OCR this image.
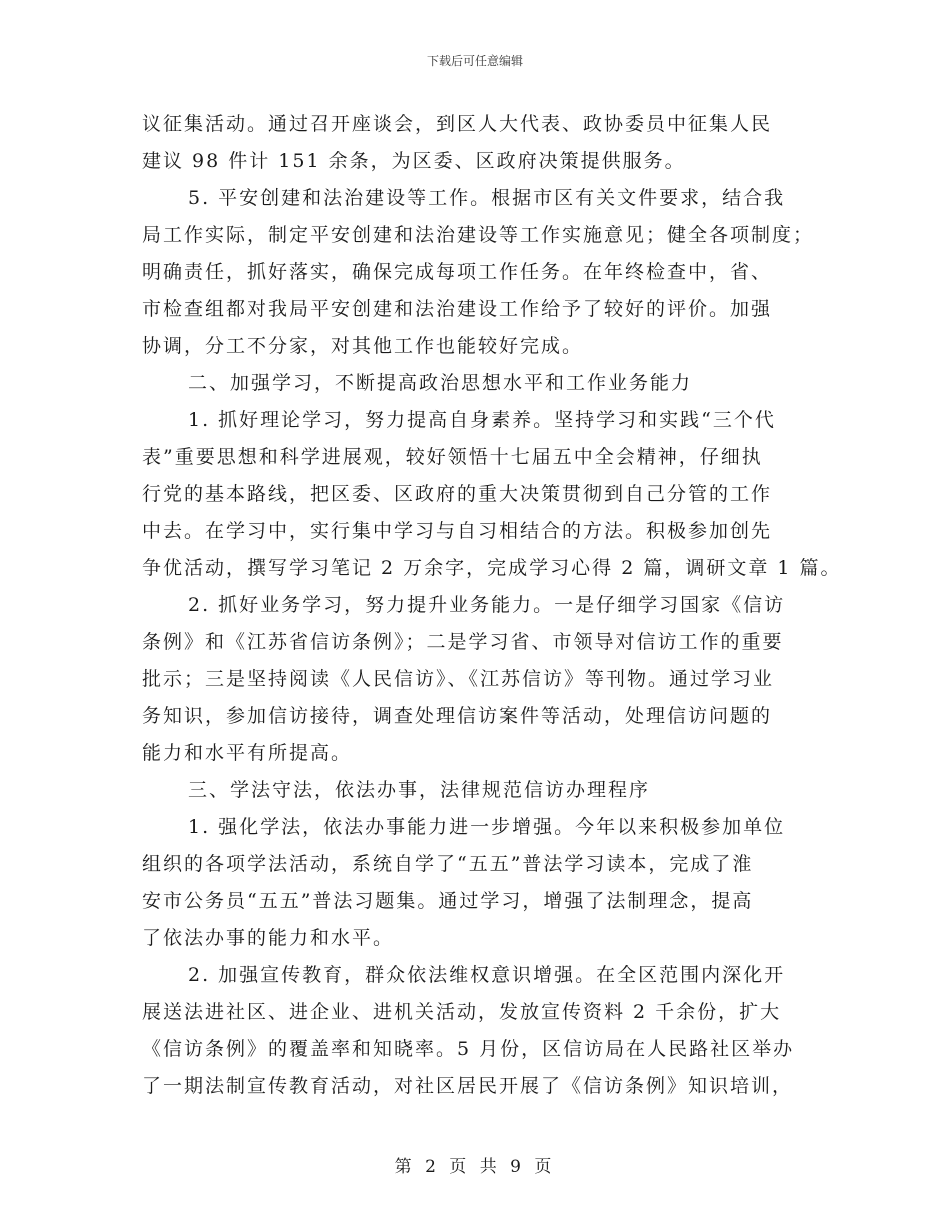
下载后可任意编辑
议征集活动。通过召开座谈会，到区人大代表、政协委员中征集人民
建议 98 件计 151 余条，为区委、区政府决策提供服务。
5. 平安创建和法治建设等工作。根据市区有关文件要求，结合我
局工作实际，制定平安创建和法治建设等工作实施意见；健全各项制度；
明确责任，抓好落实，确保完成每项工作任务。在年终检查中，省、
市检查组都对我局平安创建和法治建设工作给予了较好的评价。加强
协调，分工不分家，对其他工作也能较好完成。
二、加强学习，不断提高政治思想水平和工作业务能力
1. 抓好理论学习，努力提高自身素养。坚持学习和实践“三个代
表”重要思想和科学进展观，较好领悟十七届五中全会精神，仔细执
行党的基本路线，把区委、区政府的重大决策贯彻到自己分管的工作
中去。在学习中，实行集中学习与自习相结合的方法。积极参加创先
争优活动，撰写学习笔记 2 万余字，完成学习心得 2 篇，调研文章 1 篇。
2. 抓好业务学习，努力提升业务能力。一是仔细学习国家《信访
条例》和《江苏省信访条例》；二是学习省、市领导对信访工作的重要
批示；三是坚持阅读《人民信访》、《江苏信访》等刊物。通过学习业
务知识，参加信访接待，调查处理信访案件等活动，处理信访问题的
能力和水平有所提高。
三、学法守法，依法办事，法律规范信访办理程序
1. 强化学法，依法办事能力进一步增强。今年以来积极参加单位
组织的各项学法活动，系统自学了“五五”普法学习读本，完成了淮
安市公务员“五五”普法习题集。通过学习，增强了法制理念，提高
了依法办事的能力和水平。
2. 加强宣传教育，群众依法维权意识增强。在全区范围内深化开
展送法进社区、进企业、进机关活动，发放宣传资料 2 千余份，扩大
《信访条例》的覆盖率和知晓率。5 月份，区信访局在人民路社区举办
了一期法制宣传教育活动，对社区居民开展了《信访条例》知识培训，
第 2 页 共 9 页
